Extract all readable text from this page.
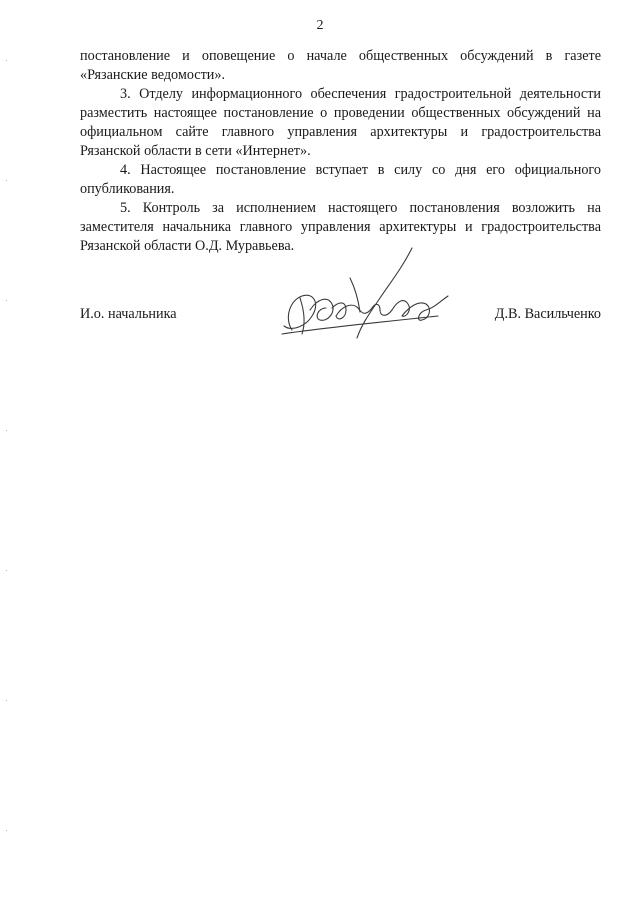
2

постановление и оповещение о начале общественных обсуждений в газете «Рязанские ведомости».

3. Отделу информационного обеспечения градостроительной деятельности разместить настоящее постановление о проведении общественных обсуждений на официальном сайте главного управления архитектуры и градостроительства Рязанской области в сети «Интернет».

4. Настоящее постановление вступает в силу со дня его официального опубликования.

5. Контроль за исполнением настоящего постановления возложить на заместителя начальника главного управления архитектуры и градостроительства Рязанской области О.Д. Муравьева.

И.о. начальника	Д.В. Васильченко
